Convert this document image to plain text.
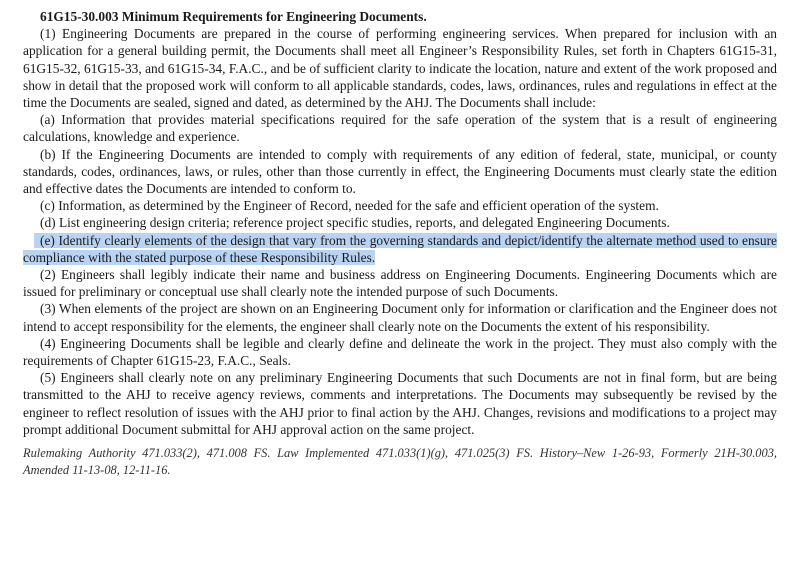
61G15-30.003 Minimum Requirements for Engineering Documents.

(1) Engineering Documents are prepared in the course of performing engineering services. When prepared for inclusion with an application for a general building permit, the Documents shall meet all Engineer’s Responsibility Rules, set forth in Chapters 61G15-31, 61G15-32, 61G15-33, and 61G15-34, F.A.C., and be of sufficient clarity to indicate the location, nature and extent of the work proposed and show in detail that the proposed work will conform to all applicable standards, codes, laws, ordinances, rules and regulations in effect at the time the Documents are sealed, signed and dated, as determined by the AHJ. The Documents shall include:

(a) Information that provides material specifications required for the safe operation of the system that is a result of engineering calculations, knowledge and experience.

(b) If the Engineering Documents are intended to comply with requirements of any edition of federal, state, municipal, or county standards, codes, ordinances, laws, or rules, other than those currently in effect, the Engineering Documents must clearly state the edition and effective dates the Documents are intended to conform to.

(c) Information, as determined by the Engineer of Record, needed for the safe and efficient operation of the system.

(d) List engineering design criteria; reference project specific studies, reports, and delegated Engineering Documents.

(e) Identify clearly elements of the design that vary from the governing standards and depict/identify the alternate method used to ensure compliance with the stated purpose of these Responsibility Rules.

(2) Engineers shall legibly indicate their name and business address on Engineering Documents. Engineering Documents which are issued for preliminary or conceptual use shall clearly note the intended purpose of such Documents.

(3) When elements of the project are shown on an Engineering Document only for information or clarification and the Engineer does not intend to accept responsibility for the elements, the engineer shall clearly note on the Documents the extent of his responsibility.

(4) Engineering Documents shall be legible and clearly define and delineate the work in the project. They must also comply with the requirements of Chapter 61G15-23, F.A.C., Seals.

(5) Engineers shall clearly note on any preliminary Engineering Documents that such Documents are not in final form, but are being transmitted to the AHJ to receive agency reviews, comments and interpretations. The Documents may subsequently be revised by the engineer to reflect resolution of issues with the AHJ prior to final action by the AHJ. Changes, revisions and modifications to a project may prompt additional Document submittal for AHJ approval action on the same project.

Rulemaking Authority 471.033(2), 471.008 FS. Law Implemented 471.033(1)(g), 471.025(3) FS. History–New 1-26-93, Formerly 21H-30.003, Amended 11-13-08, 12-11-16.
